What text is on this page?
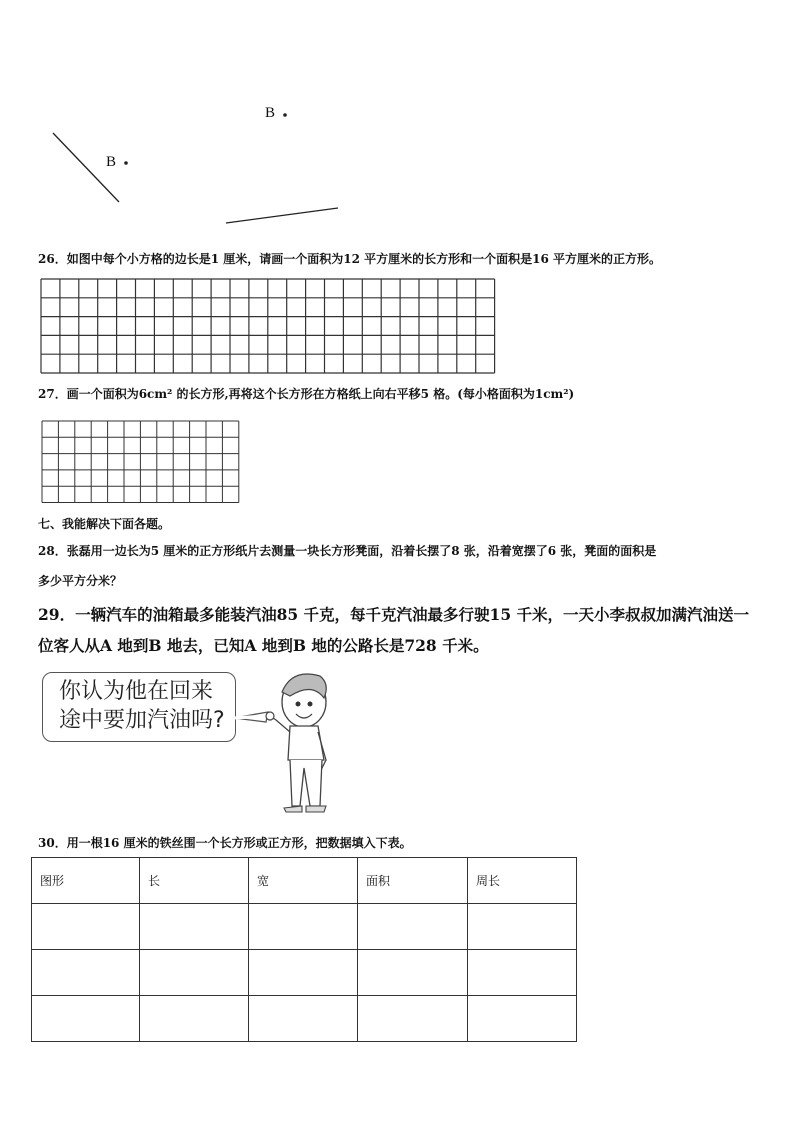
B
B
26．如图中每个小方格的边长是1 厘米，请画一个面积为12 平方厘米的长方形和一个面积是16 平方厘米的正方形。
27．画一个面积为6cm² 的长方形,再将这个长方形在方格纸上向右平移5 格。(每小格面积为1cm²)
七、我能解决下面各题。
28．张磊用一边长为5 厘米的正方形纸片去测量一块长方形凳面，沿着长摆了8 张，沿着宽摆了6 张，凳面的面积是
多少平方分米？
29．一辆汽车的油箱最多能装汽油85 千克，每千克汽油最多行驶15 千米，一天小李叔叔加满汽油送一
位客人从A 地到B 地去，已知A 地到B 地的公路长是728 千米。
你认为他在回来
途中要加汽油吗?
30．用一根16 厘米的铁丝围一个长方形或正方形，把数据填入下表。
图形	长	宽	面积	周长
